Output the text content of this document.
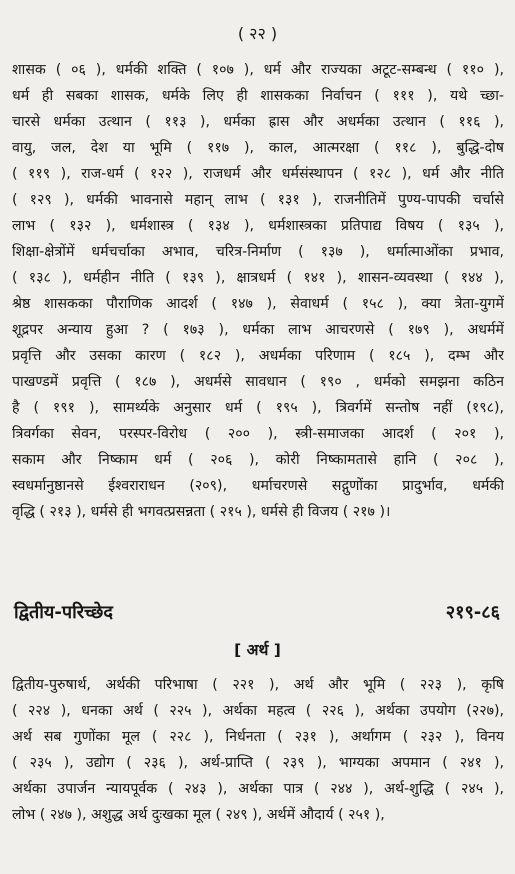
( २२ )
शासक ( ०६ ), धर्मकी शक्ति ( १०७ ), धर्म और राज्यका अटूट-सम्बन्ध ( ११० ),
धर्म ही सबका शासक, धर्मके लिए ही शासकका निर्वाचन ( १११ ), यथे च्छा-
चारसे धर्मका उत्थान ( ११३ ), धर्मका ह्रास और अधर्मका उत्थान ( ११६ ),
वायु, जल, देश या भूमि ( ११७ ), काल, आत्मरक्षा ( ११८ ), बुद्धि-दोष
( ११९ ), राज-धर्म ( १२२ ), राजधर्म और धर्मसंस्थापन ( १२८ ), धर्म और नीति
( १२९ ), धर्मकी भावनासे महान् लाभ ( १३१ ), राजनीतिमें पुण्य-पापकी चर्चासे
लाभ ( १३२ ), धर्मशास्त्र ( १३४ ), धर्मशास्त्रका प्रतिपाद्य विषय ( १३५ ),
शिक्षा-क्षेत्रोंमें धर्मचर्चाका अभाव, चरित्र-निर्माण ( १३७ ), धर्मात्माओंका प्रभाव,
( १३८ ), धर्महीन नीति ( १३९ ), क्षात्रधर्म ( १४१ ), शासन-व्यवस्था ( १४४ ),
श्रेष्ठ शासकका पौराणिक आदर्श ( १४७ ), सेवाधर्म ( १५८ ), क्या त्रेता-युगमें
शूद्रपर अन्याय हुआ ? ( १७३ ), धर्मका लाभ आचरणसे ( १७९ ), अधर्ममें
प्रवृत्ति और उसका कारण ( १८२ ), अधर्मका परिणाम ( १८५ ), दम्भ और
पाखण्डमें प्रवृत्ति ( १८७ ), अधर्मसे सावधान ( १९० , धर्मको समझना कठिन
है ( १९१ ), सामर्थ्यके अनुसार धर्म ( १९५ ), त्रिवर्गमें सन्तोष नहीं (१९८),
त्रिवर्गका सेवन, परस्पर-विरोध ( २०० ), स्त्री-समाजका आदर्श ( २०१ ),
सकाम और निष्काम धर्म ( २०६ ), कोरी निष्कामतासे हानि ( २०८ ),
स्वधर्मानुष्ठानसे ईश्वराराधन (२०९), धर्माचरणसे सद्गुणोंका प्रादुर्भाव, धर्मकी
वृद्धि ( २१३ ), धर्मसे ही भगवत्प्रसन्नता ( २१५ ), धर्मसे ही विजय ( २१७ )।
द्वितीय-परिच्छेद	२१९-८६
[ अर्थ ]
द्वितीय-पुरुषार्थ, अर्थकी परिभाषा ( २२१ ), अर्थ और भूमि ( २२३ ), कृषि
( २२४ ), धनका अर्थ ( २२५ ), अर्थका महत्व ( २२६ ), अर्थका उपयोग (२२७),
अर्थ सब गुणोंका मूल ( २२८ ), निर्धनता ( २३१ ), अर्थागम ( २३२ ), विनय
( २३५ ), उद्योग ( २३६ ), अर्थ-प्राप्ति ( २३९ ), भाग्यका अपमान ( २४१ ),
अर्थका उपार्जन न्यायपूर्वक ( २४३ ), अर्थका पात्र ( २४४ ), अर्थ-शुद्धि ( २४५ ),
लोभ ( २४७ ), अशुद्ध अर्थ दुःखका मूल ( २४९ ), अर्थमें औदार्य ( २५१ ),
